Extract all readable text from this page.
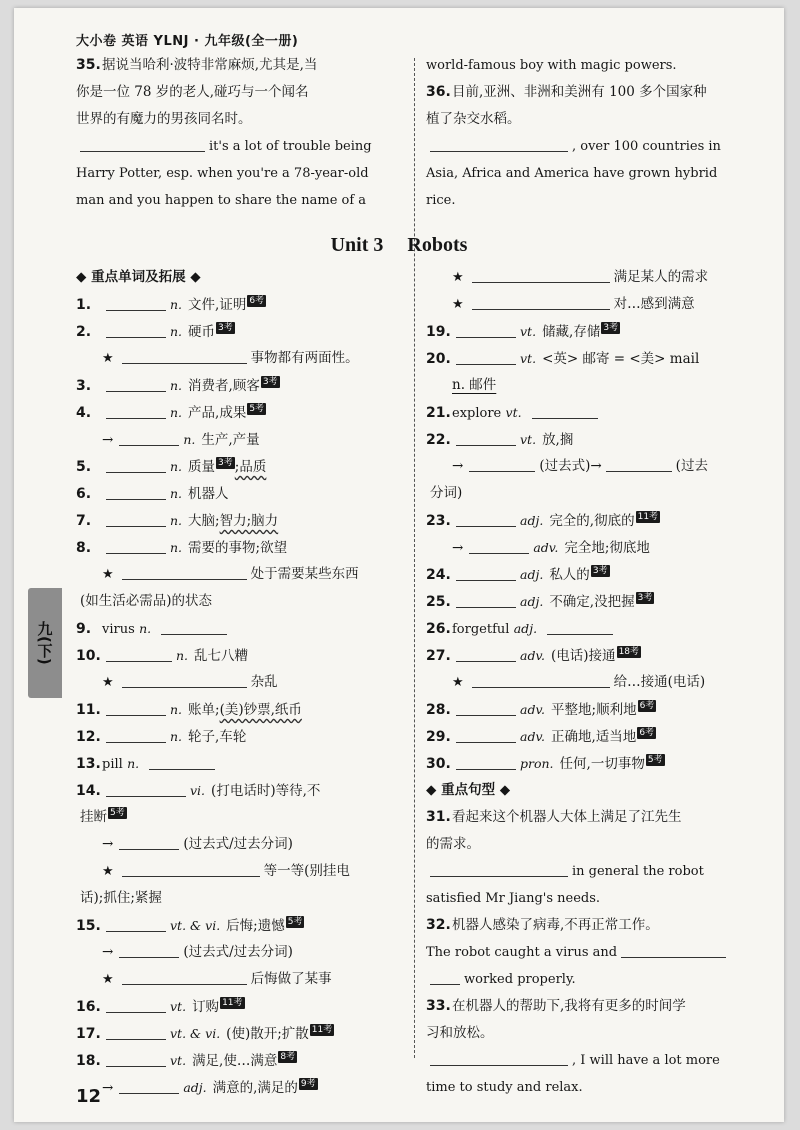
大小卷 英语 YLNJ · 九年级(全一册)
35.据说当哈利·波特非常麻烦,尤其是,当
你是一位 78 岁的老人,碰巧与一个闻名
世界的有魔力的男孩同名时。
it's a lot of trouble being
Harry Potter, esp. when you're a 78-year-old
man and you happen to share the name of a
world-famous boy with magic powers.
36.目前,亚洲、非洲和美洲有 100 多个国家种
植了杂交水稻。
, over 100 countries in
Asia, Africa and America have grown hybrid
rice.
Unit 3 Robots
◆ 重点单词及拓展 ◆
1.	n. 文件,证明 6考
2.	n. 硬币 3考
★ 事物都有两面性。
3.	n. 消费者,顾客 3考
4.	n. 产品,成果 5考
→	n. 生产,产量
5.	n. 质量 3考 ;品质
6.	n. 机器人
7.	n. 大脑;智力;脑力
8.	n. 需要的事物;欲望
★ 处于需要某些东西
(如生活必需品)的状态
9. virus n.
10.	n. 乱七八糟
★ 杂乱
11.	n. 账单;(美)钞票,纸币
12.	n. 轮子,车轮
13.pill n.
14.	vi. (打电话时)等待,不
挂断 5考
→	(过去式/过去分词)
★ 等一等(别挂电
话);抓住;紧握
15.	vt. & vi. 后悔;遗憾 5考
→	(过去式/过去分词)
★ 后悔做了某事
16.	vt. 订购 11考
17.	vt. & vi. (使)散开;扩散 11考
18.	vt. 满足,使…满意 8考
→	adj. 满意的,满足的 9考
★ 满足某人的需求
★ 对…感到满意
19.	vt. 储藏,存储 3考
20.	vt. <英> 邮寄 = <美> mail
n. 邮件
21.explore vt.
22.	vt. 放,搁
→	(过去式)→	(过去
分词)
23.	adj. 完全的,彻底的 11考
→	adv. 完全地;彻底地
24.	adj. 私人的 3考
25.	adj. 不确定,没把握 3考
26.forgetful adj.
27.	adv. (电话)接通 18考
★ 给…接通(电话)
28.	adv. 平整地;顺利地 6考
29.	adv. 正确地,适当地 6考
30.	pron. 任何,一切事物 5考
◆ 重点句型 ◆
31.看起来这个机器人大体上满足了江先生
的需求。
in general the robot
satisfied Mr Jiang's needs.
32.机器人感染了病毒,不再正常工作。
The robot caught a virus and
worked properly.
33.在机器人的帮助下,我将有更多的时间学
习和放松。
, I will have a lot more
time to study and relax.
九(下)
12
